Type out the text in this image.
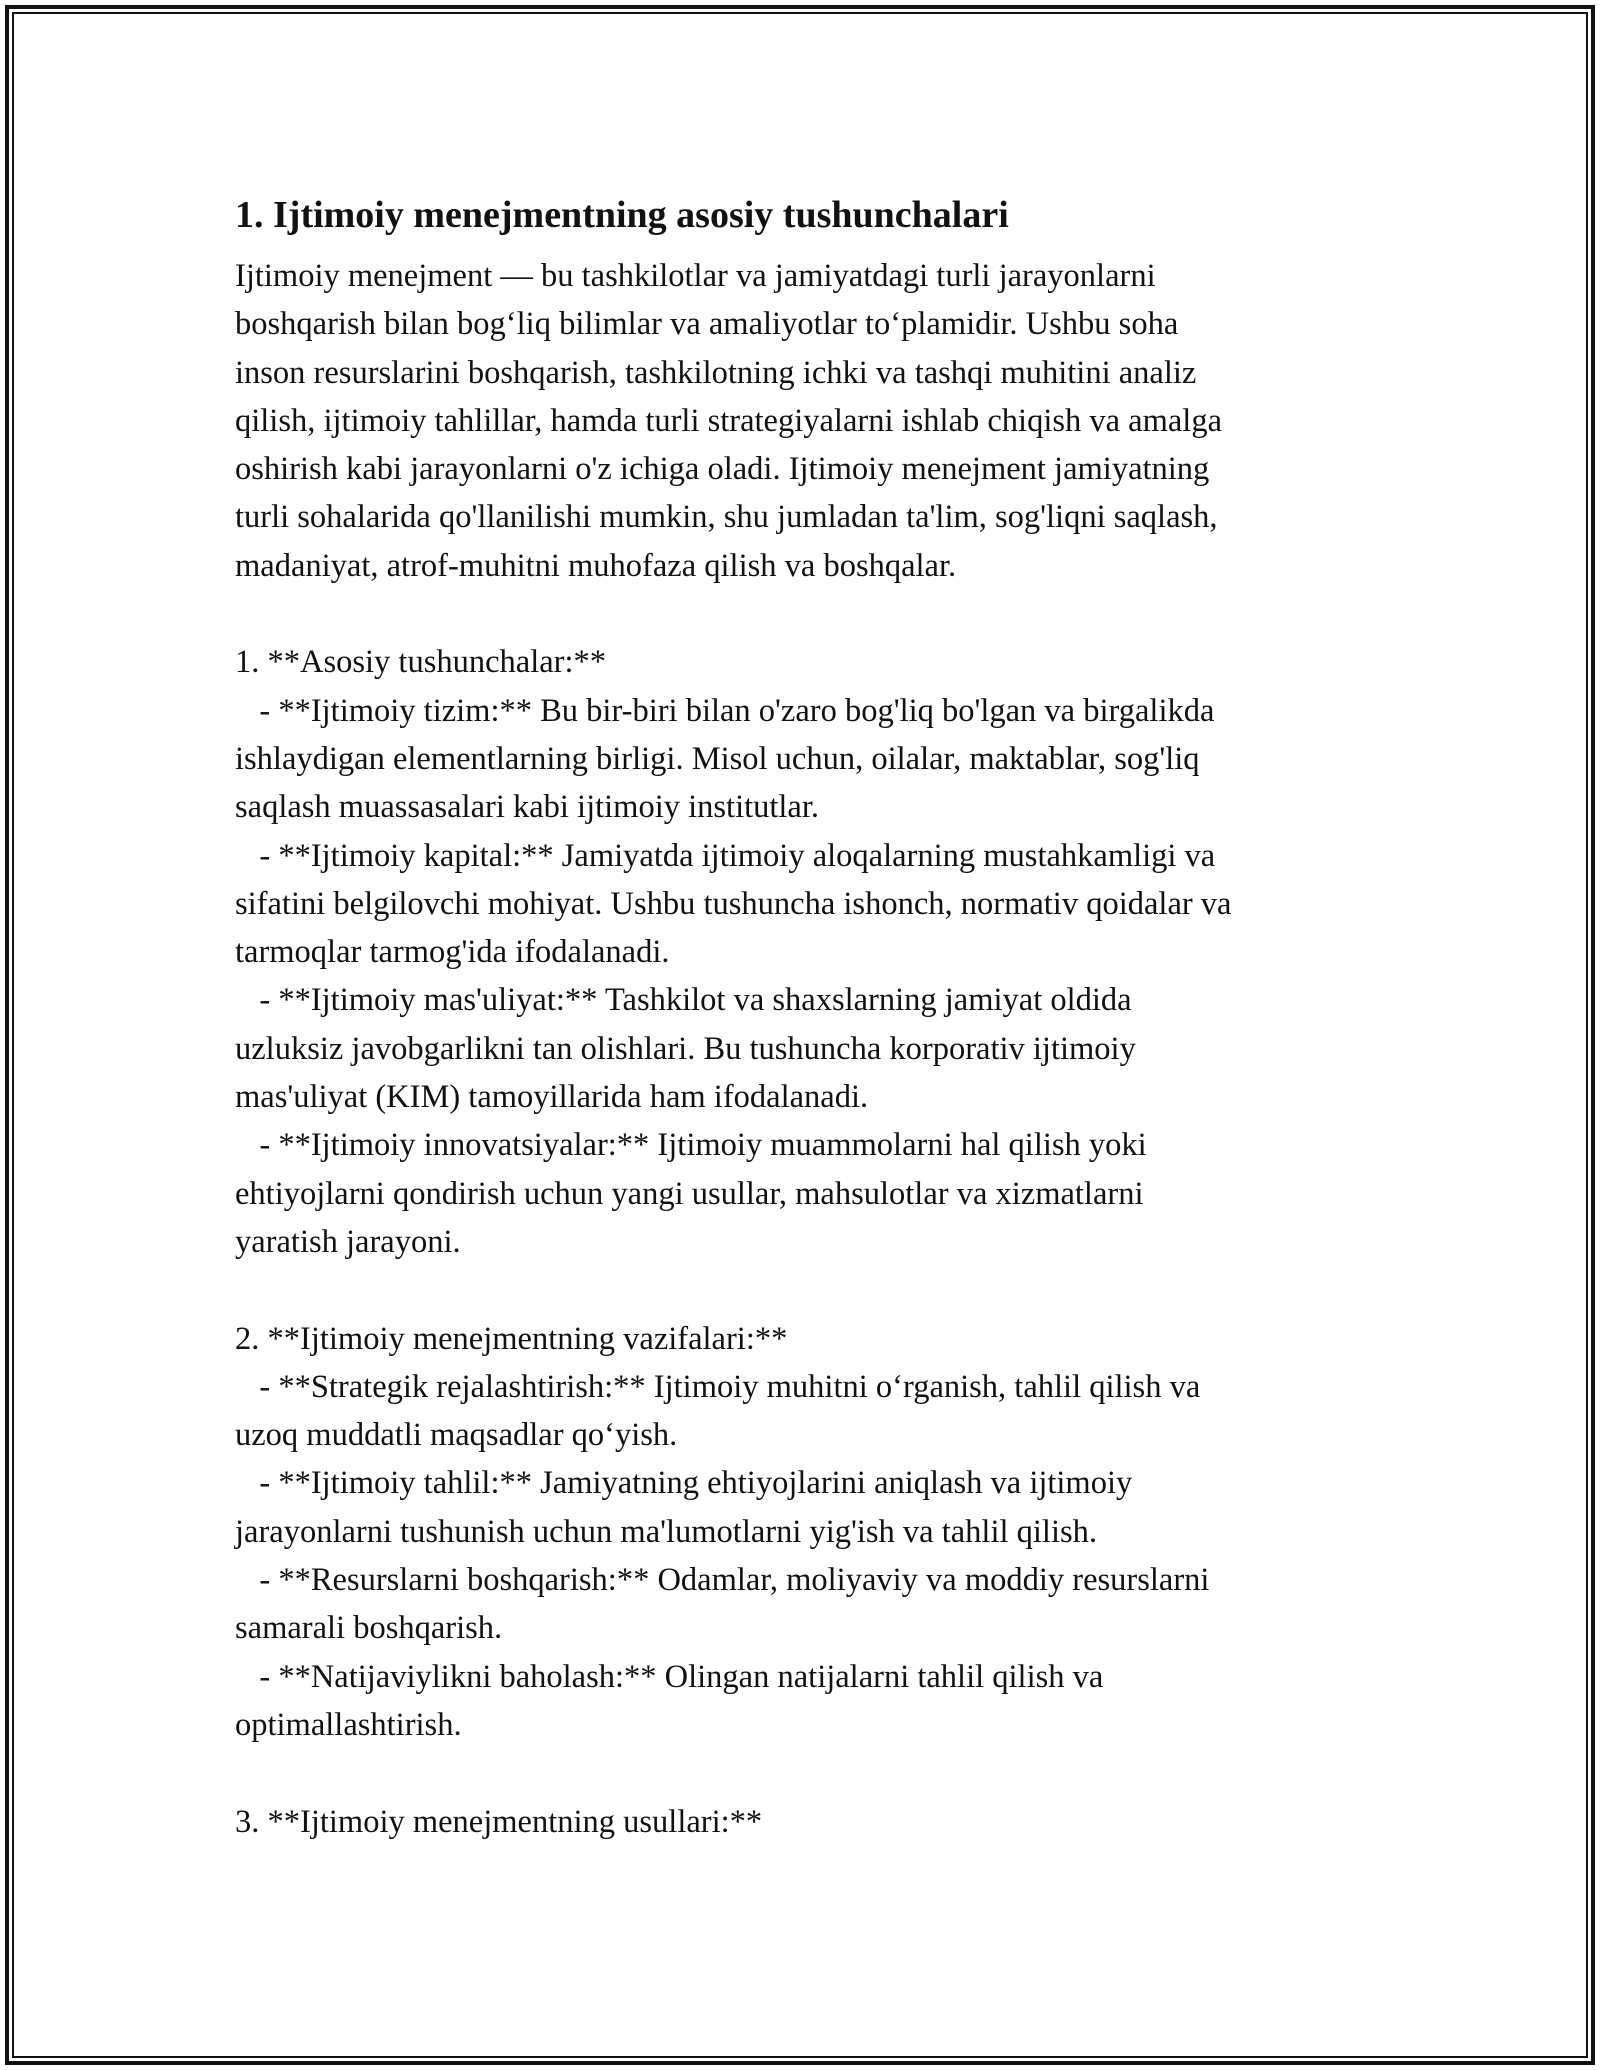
1. Ijtimoiy menejmentning asosiy tushunchalari

Ijtimoiy menejment — bu tashkilotlar va jamiyatdagi turli jarayonlarni

boshqarish bilan bog‘liq bilimlar va amaliyotlar to‘plamidir. Ushbu soha

inson resurslarini boshqarish, tashkilotning ichki va tashqi muhitini analiz

qilish, ijtimoiy tahlillar, hamda turli strategiyalarni ishlab chiqish va amalga

oshirish kabi jarayonlarni o'z ichiga oladi. Ijtimoiy menejment jamiyatning

turli sohalarida qo'llanilishi mumkin, shu jumladan ta'lim, sog'liqni saqlash,

madaniyat, atrof-muhitni muhofaza qilish va boshqalar.

1. **Asosiy tushunchalar:**

- **Ijtimoiy tizim:** Bu bir-biri bilan o'zaro bog'liq bo'lgan va birgalikda

ishlaydigan elementlarning birligi. Misol uchun, oilalar, maktablar, sog'liq

saqlash muassasalari kabi ijtimoiy institutlar.

- **Ijtimoiy kapital:** Jamiyatda ijtimoiy aloqalarning mustahkamligi va

sifatini belgilovchi mohiyat. Ushbu tushuncha ishonch, normativ qoidalar va

tarmoqlar tarmog'ida ifodalanadi.

- **Ijtimoiy mas'uliyat:** Tashkilot va shaxslarning jamiyat oldida

uzluksiz javobgarlikni tan olishlari. Bu tushuncha korporativ ijtimoiy

mas'uliyat (KIM) tamoyillarida ham ifodalanadi.

- **Ijtimoiy innovatsiyalar:** Ijtimoiy muammolarni hal qilish yoki

ehtiyojlarni qondirish uchun yangi usullar, mahsulotlar va xizmatlarni

yaratish jarayoni.

2. **Ijtimoiy menejmentning vazifalari:**

- **Strategik rejalashtirish:** Ijtimoiy muhitni o‘rganish, tahlil qilish va

uzoq muddatli maqsadlar qo‘yish.

- **Ijtimoiy tahlil:** Jamiyatning ehtiyojlarini aniqlash va ijtimoiy

jarayonlarni tushunish uchun ma'lumotlarni yig'ish va tahlil qilish.

- **Resurslarni boshqarish:** Odamlar, moliyaviy va moddiy resurslarni

samarali boshqarish.

- **Natijaviylikni baholash:** Olingan natijalarni tahlil qilish va

optimallashtirish.

3. **Ijtimoiy menejmentning usullari:**
